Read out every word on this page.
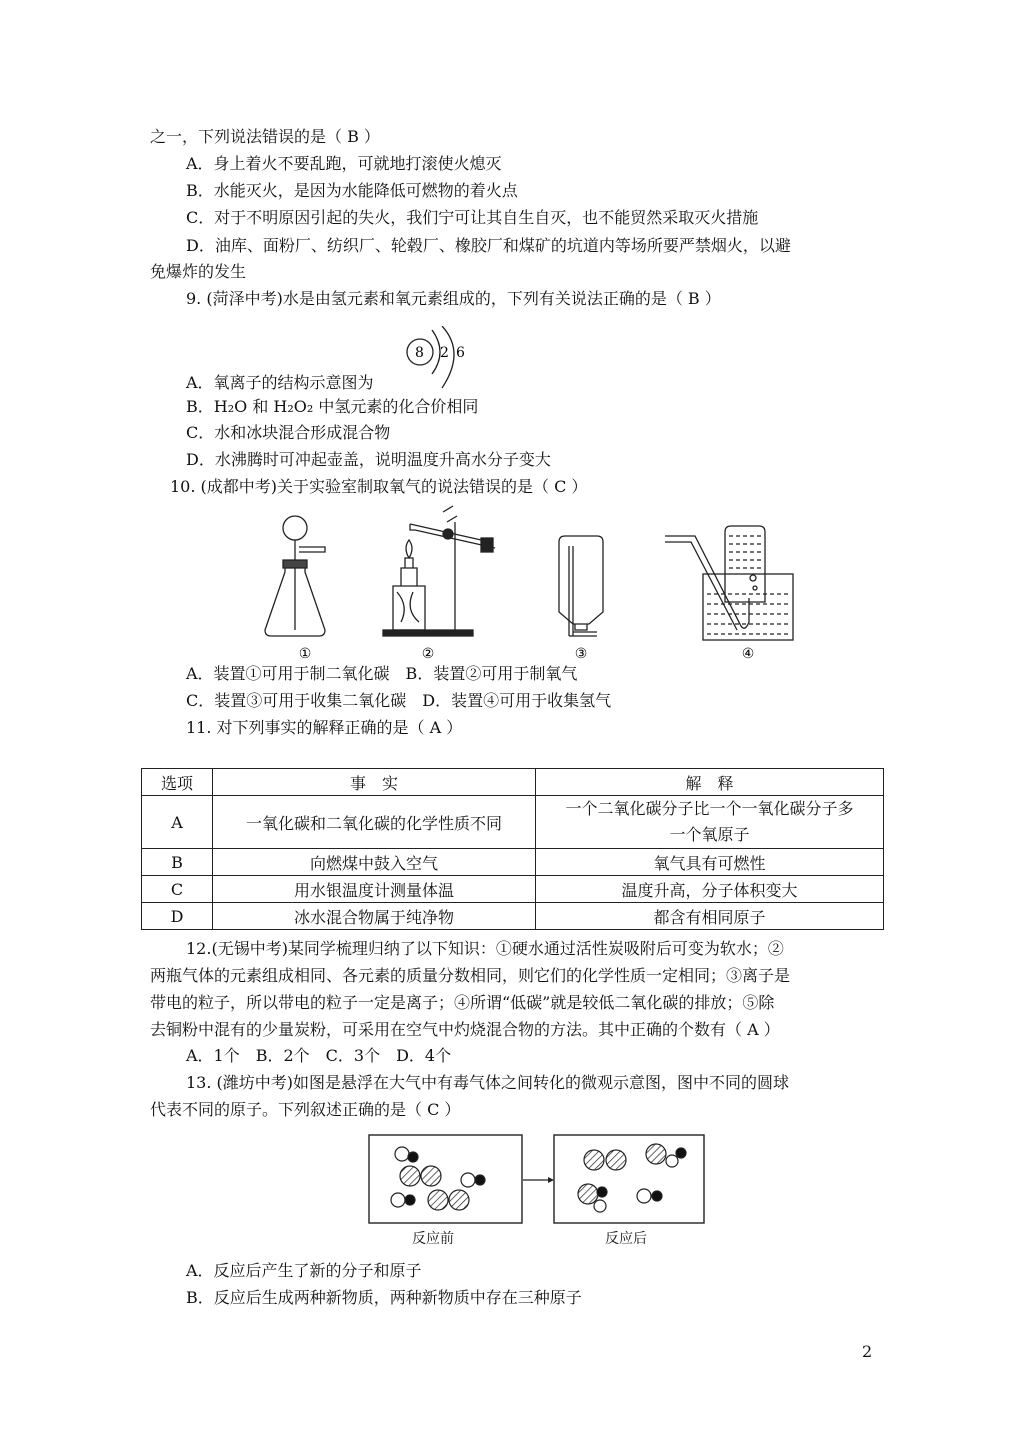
之一，下列说法错误的是（ B ）
A．身上着火不要乱跑，可就地打滚使火熄灭
B．水能灭火，是因为水能降低可燃物的着火点
C．对于不明原因引起的失火，我们宁可让其自生自灭，也不能贸然采取灭火措施
D．油库、面粉厂、纺织厂、轮毂厂、橡胶厂和煤矿的坑道内等场所要严禁烟火，以避
免爆炸的发生
9. (菏泽中考)水是由氢元素和氧元素组成的，下列有关说法正确的是（ B ）
8 2 6
A．氧离子的结构示意图为
B．H₂O 和 H₂O₂ 中氢元素的化合价相同
C．水和冰块混合形成混合物
D．水沸腾时可冲起壶盖，说明温度升高水分子变大
10. (成都中考)关于实验室制取氧气的说法错误的是（ C ）
①	②	③	④
A．装置①可用于制二氧化碳　B．装置②可用于制氧气
C．装置③可用于收集二氧化碳　D．装置④可用于收集氢气
11. 对下列事实的解释正确的是（ A ）
选项	事　实	解　释
A	一氧化碳和二氧化碳的化学性质不同	一个二氧化碳分子比一个一氧化碳分子多
一个氧原子
B	向燃煤中鼓入空气	氧气具有可燃性
C	用水银温度计测量体温	温度升高，分子体积变大
D	冰水混合物属于纯净物	都含有相同原子
12.(无锡中考)某同学梳理归纳了以下知识：①硬水通过活性炭吸附后可变为软水；②
两瓶气体的元素组成相同、各元素的质量分数相同，则它们的化学性质一定相同；③离子是
带电的粒子，所以带电的粒子一定是离子；④所谓“低碳”就是较低二氧化碳的排放；⑤除
去铜粉中混有的少量炭粉，可采用在空气中灼烧混合物的方法。其中正确的个数有（ A ）
A．1个　B．2个　C．3个　D．4个
13. (潍坊中考)如图是悬浮在大气中有毒气体之间转化的微观示意图，图中不同的圆球
代表不同的原子。下列叙述正确的是（ C ）
反应前	反应后
A．反应后产生了新的分子和原子
B．反应后生成两种新物质，两种新物质中存在三种原子
2
